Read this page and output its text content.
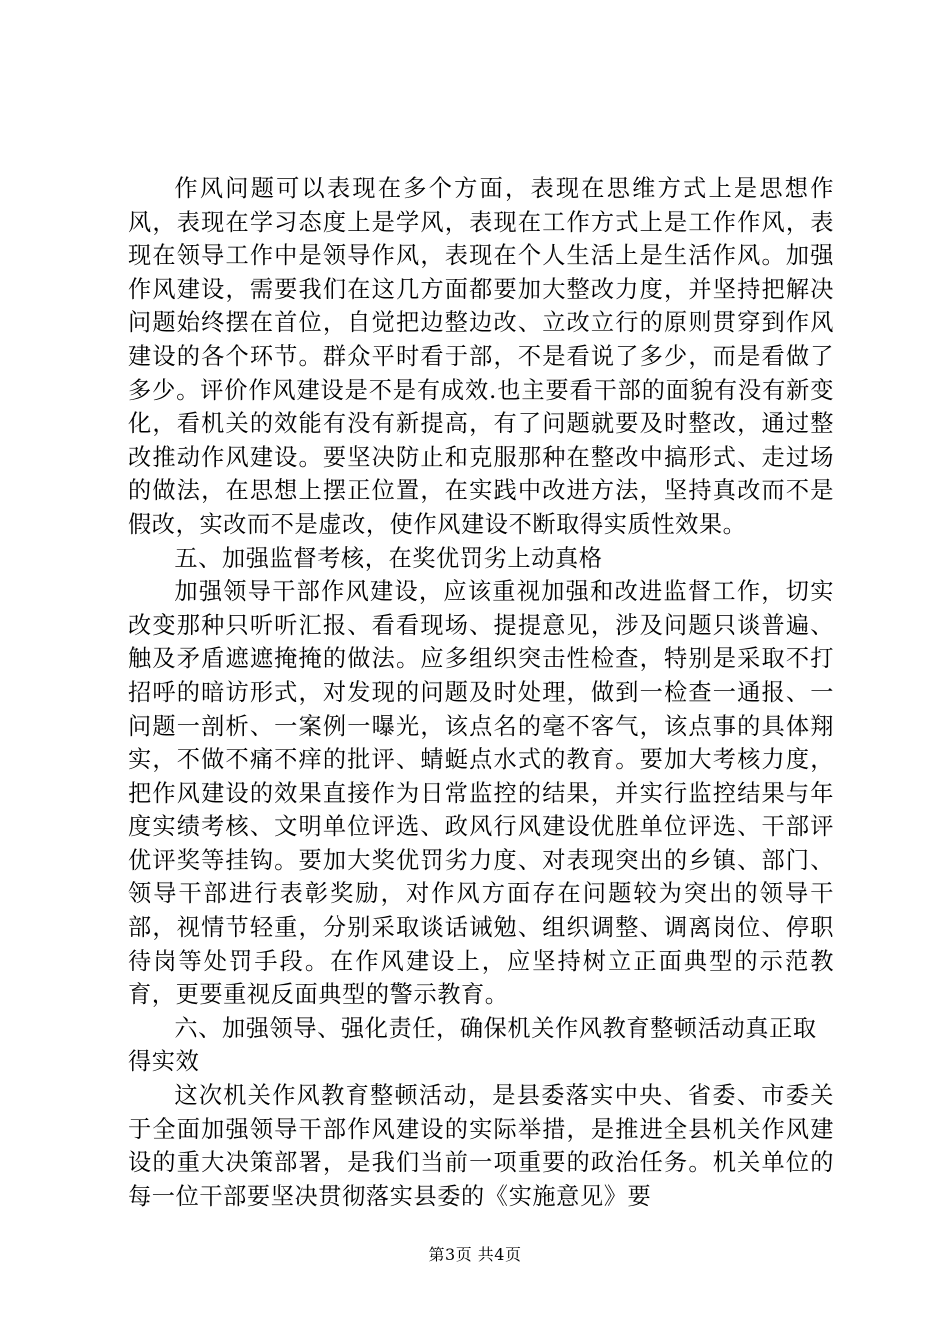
作风问题可以表现在多个方面，表现在思维方式上是思想作风，表现在学习态度上是学风，表现在工作方式上是工作作风，表现在领导工作中是领导作风，表现在个人生活上是生活作风。加强作风建设，需要我们在这几方面都要加大整改力度，并坚持把解决问题始终摆在首位，自觉把边整边改、立改立行的原则贯穿到作风建设的各个环节。群众平时看于部，不是看说了多少，而是看做了多少。评价作风建设是不是有成效.也主要看干部的面貌有没有新变化，看机关的效能有没有新提高，有了问题就要及时整改，通过整改推动作风建设。要坚决防止和克服那种在整改中搞形式、走过场的做法，在思想上摆正位置，在实践中改进方法，坚持真改而不是假改，实改而不是虚改，使作风建设不断取得实质性效果。

五、加强监督考核，在奖优罚劣上动真格

加强领导干部作风建设，应该重视加强和改进监督工作，切实改变那种只听听汇报、看看现场、提提意见，涉及问题只谈普遍、触及矛盾遮遮掩掩的做法。应多组织突击性检查，特别是采取不打招呼的暗访形式，对发现的问题及时处理，做到一检查一通报、一问题一剖析、一案例一曝光，该点名的毫不客气，该点事的具体翔实，不做不痛不痒的批评、蜻蜓点水式的教育。要加大考核力度，把作风建设的效果直接作为日常监控的结果，并实行监控结果与年度实绩考核、文明单位评选、政风行风建设优胜单位评选、干部评优评奖等挂钩。要加大奖优罚劣力度、对表现突出的乡镇、部门、领导干部进行表彰奖励，对作风方面存在问题较为突出的领导干部，视情节轻重，分别采取谈话诫勉、组织调整、调离岗位、停职待岗等处罚手段。在作风建设上，应坚持树立正面典型的示范教育，更要重视反面典型的警示教育。

六、加强领导、强化责任，确保机关作风教育整顿活动真正取得实效

这次机关作风教育整顿活动，是县委落实中央、省委、市委关于全面加强领导干部作风建设的实际举措，是推进全县机关作风建设的重大决策部署，是我们当前一项重要的政治任务。机关单位的每一位干部要坚决贯彻落实县委的《实施意见》要

第3页 共4页
